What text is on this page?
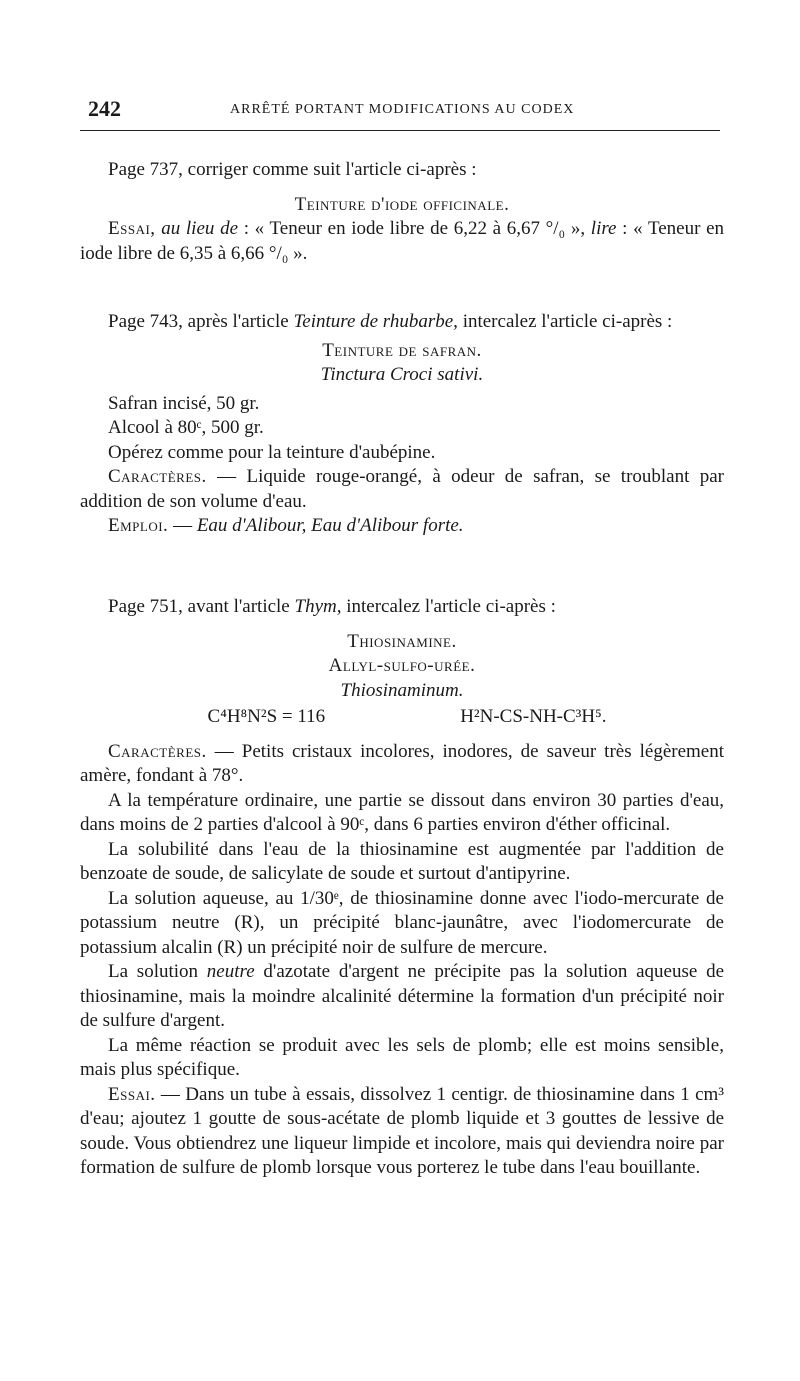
242	ARRÊTÉ PORTANT MODIFICATIONS AU CODEX

Page 737, corriger comme suit l'article ci-après :

Teinture d'iode officinale.

Essai, au lieu de : « Teneur en iode libre de 6,22 à 6,67 °/₀ », lire : « Teneur en iode libre de 6,35 à 6,66 °/₀ ».

Page 743, après l'article Teinture de rhubarbe, intercalez l'article ci-après :

Teinture de safran.

Tinctura Croci sativi.

Safran incisé, 50 gr.

Alcool à 80ᶜ, 500 gr.

Opérez comme pour la teinture d'aubépine.

Caractères. — Liquide rouge-orangé, à odeur de safran, se troublant par addition de son volume d'eau.

Emploi. — Eau d'Alibour, Eau d'Alibour forte.

Page 751, avant l'article Thym, intercalez l'article ci-après :

Thiosinamine.

Allyl-sulfo-urée.

Thiosinaminum.

C⁴H⁸N²S = 116	H²N-CS-NH-C³H⁵.

Caractères. — Petits cristaux incolores, inodores, de saveur très légèrement amère, fondant à 78°.

A la température ordinaire, une partie se dissout dans environ 30 parties d'eau, dans moins de 2 parties d'alcool à 90ᶜ, dans 6 parties environ d'éther officinal.

La solubilité dans l'eau de la thiosinamine est augmentée par l'addition de benzoate de soude, de salicylate de soude et surtout d'antipyrine.

La solution aqueuse, au 1/30ᵉ, de thiosinamine donne avec l'iodo-mercurate de potassium neutre (R), un précipité blanc-jaunâtre, avec l'iodomercurate de potassium alcalin (R) un précipité noir de sulfure de mercure.

La solution neutre d'azotate d'argent ne précipite pas la solution aqueuse de thiosinamine, mais la moindre alcalinité détermine la formation d'un précipité noir de sulfure d'argent.

La même réaction se produit avec les sels de plomb; elle est moins sensible, mais plus spécifique.

Essai. — Dans un tube à essais, dissolvez 1 centigr. de thiosinamine dans 1 cm³ d'eau; ajoutez 1 goutte de sous-acétate de plomb liquide et 3 gouttes de lessive de soude. Vous obtiendrez une liqueur limpide et incolore, mais qui deviendra noire par formation de sulfure de plomb lorsque vous porterez le tube dans l'eau bouillante.
